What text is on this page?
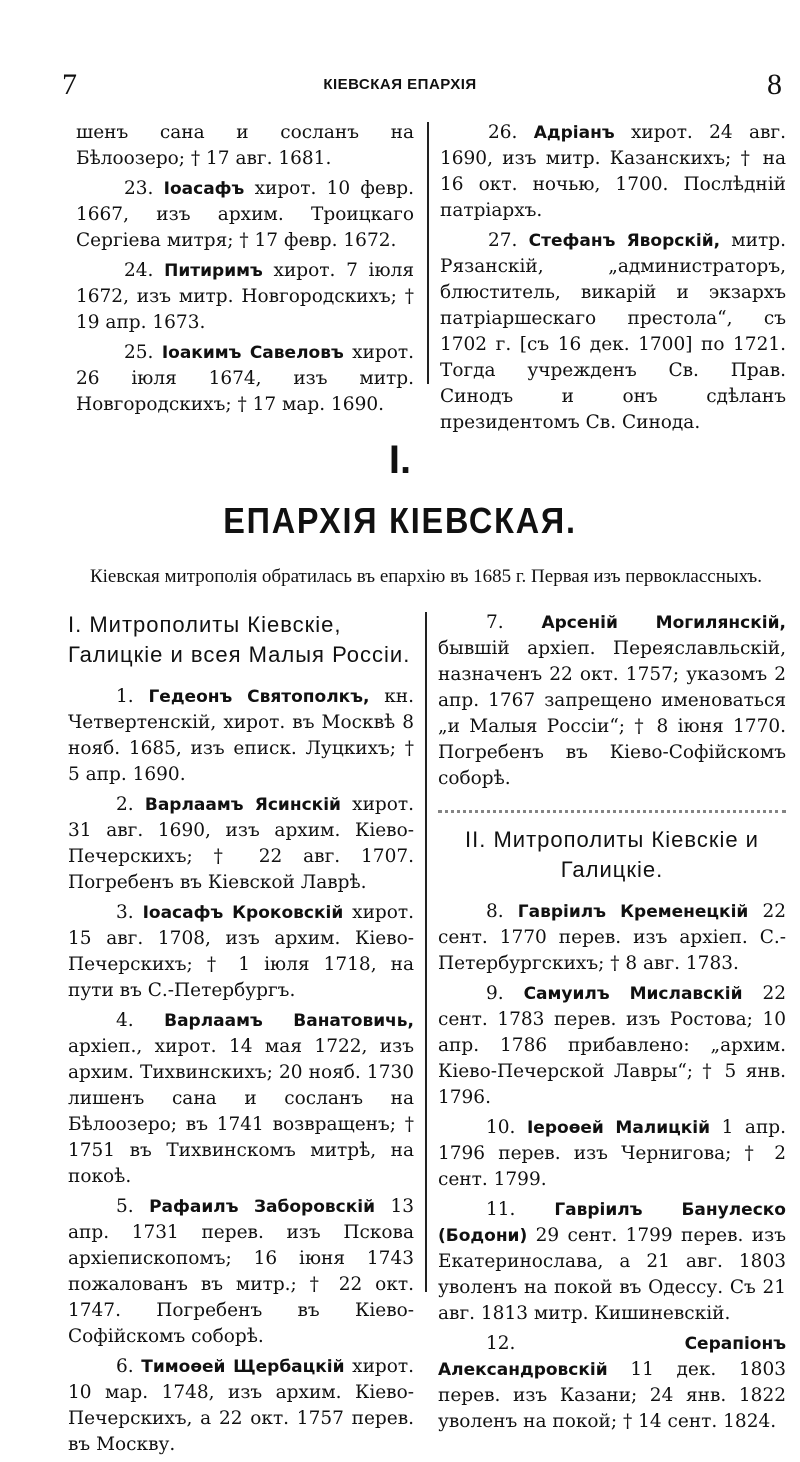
7	КІЕВСКАЯ ЕПАРХІЯ	8

шенъ сана и сосланъ на Бѣлоозеро; † 17 авг. 1681.

23. Іоасафъ хирот. 10 февр. 1667, изъ архим. Троицкаго Сергіева митря; † 17 февр. 1672.

24. Питиримъ хирот. 7 іюля 1672, изъ митр. Новгородскихъ; † 19 апр. 1673.

25. Іоакимъ Савеловъ хирот. 26 іюля 1674, изъ митр. Новгородскихъ; † 17 мар. 1690.

26. Адріанъ хирот. 24 авг. 1690, изъ митр. Казанскихъ; † на 16 окт. ночью, 1700. Послѣдній патріархъ.

27. Стефанъ Яворскій, митр. Рязанскій, „администраторъ, блюститель, викарій и экзархъ патріаршескаго престола“, съ 1702 г. [съ 16 дек. 1700] по 1721. Тогда учрежденъ Св. Прав. Синодъ и онъ сдѣланъ президентомъ Св. Синода.

I.
ЕПАРХІЯ КІЕВСКАЯ.
Кіевская митрополія обратилась въ епархію въ 1685 г. Первая изъ первоклассныхъ.
I. Митрополиты Кіевскіе, Галицкіе и всея Малыя Россіи.

1. Гедеонъ Святополкъ, кн. Четвертенскій, хирот. въ Москвѣ 8 нояб. 1685, изъ еписк. Луцкихъ; † 5 апр. 1690.

2. Варлаамъ Ясинскій хирот. 31 авг. 1690, изъ архим. Кіево-Печерскихъ; † 22 авг. 1707. Погребенъ въ Кіевской Лаврѣ.

3. Іоасафъ Кроковскій хирот. 15 авг. 1708, изъ архим. Кіево-Печерскихъ; † 1 іюля 1718, на пути въ С.-Петербургъ.

4. Варлаамъ Ванатовичь, архіеп., хирот. 14 мая 1722, изъ архим. Тихвинскихъ; 20 нояб. 1730 лишенъ сана и сосланъ на Бѣлоозеро; въ 1741 возвращенъ; † 1751 въ Тихвинскомъ митрѣ, на покоѣ.

5. Рафаилъ Заборовскій 13 апр. 1731 перев. изъ Пскова архіепископомъ; 16 іюня 1743 пожалованъ въ митр.; † 22 окт. 1747. Погребенъ въ Кіево-Софійскомъ соборѣ.

6. Тимоѳей Щербацкій хирот. 10 мар. 1748, изъ архим. Кіево-Печерскихъ, а 22 окт. 1757 перев. въ Москву.

7. Арсеній Могилянскій, бывшій архіеп. Переяславльскій, назначенъ 22 окт. 1757; указомъ 2 апр. 1767 запрещено именоваться „и Малыя Россіи“; † 8 іюня 1770. Погребенъ въ Кіево-Софійскомъ соборѣ.

II. Митрополиты Кіевскіе и Галицкіе.

8. Гавріилъ Кременецкій 22 сент. 1770 перев. изъ архіеп. С.-Петербургскихъ; † 8 авг. 1783.

9. Самуилъ Миславскій 22 сент. 1783 перев. изъ Ростова; 10 апр. 1786 прибавлено: „архим. Кіево-Печерской Лавры“; † 5 янв. 1796.

10. Іероѳей Малицкій 1 апр. 1796 перев. изъ Чернигова; † 2 сент. 1799.

11. Гавріилъ Банулеско (Бодони) 29 сент. 1799 перев. изъ Екатеринослава, а 21 авг. 1803 уволенъ на покой въ Одессу. Съ 21 авг. 1813 митр. Кишиневскій.

12.	Серапіонъ Александровскій 11 дек. 1803 перев. изъ Казани; 24 янв. 1822 уволенъ на покой; † 14 сент. 1824.
